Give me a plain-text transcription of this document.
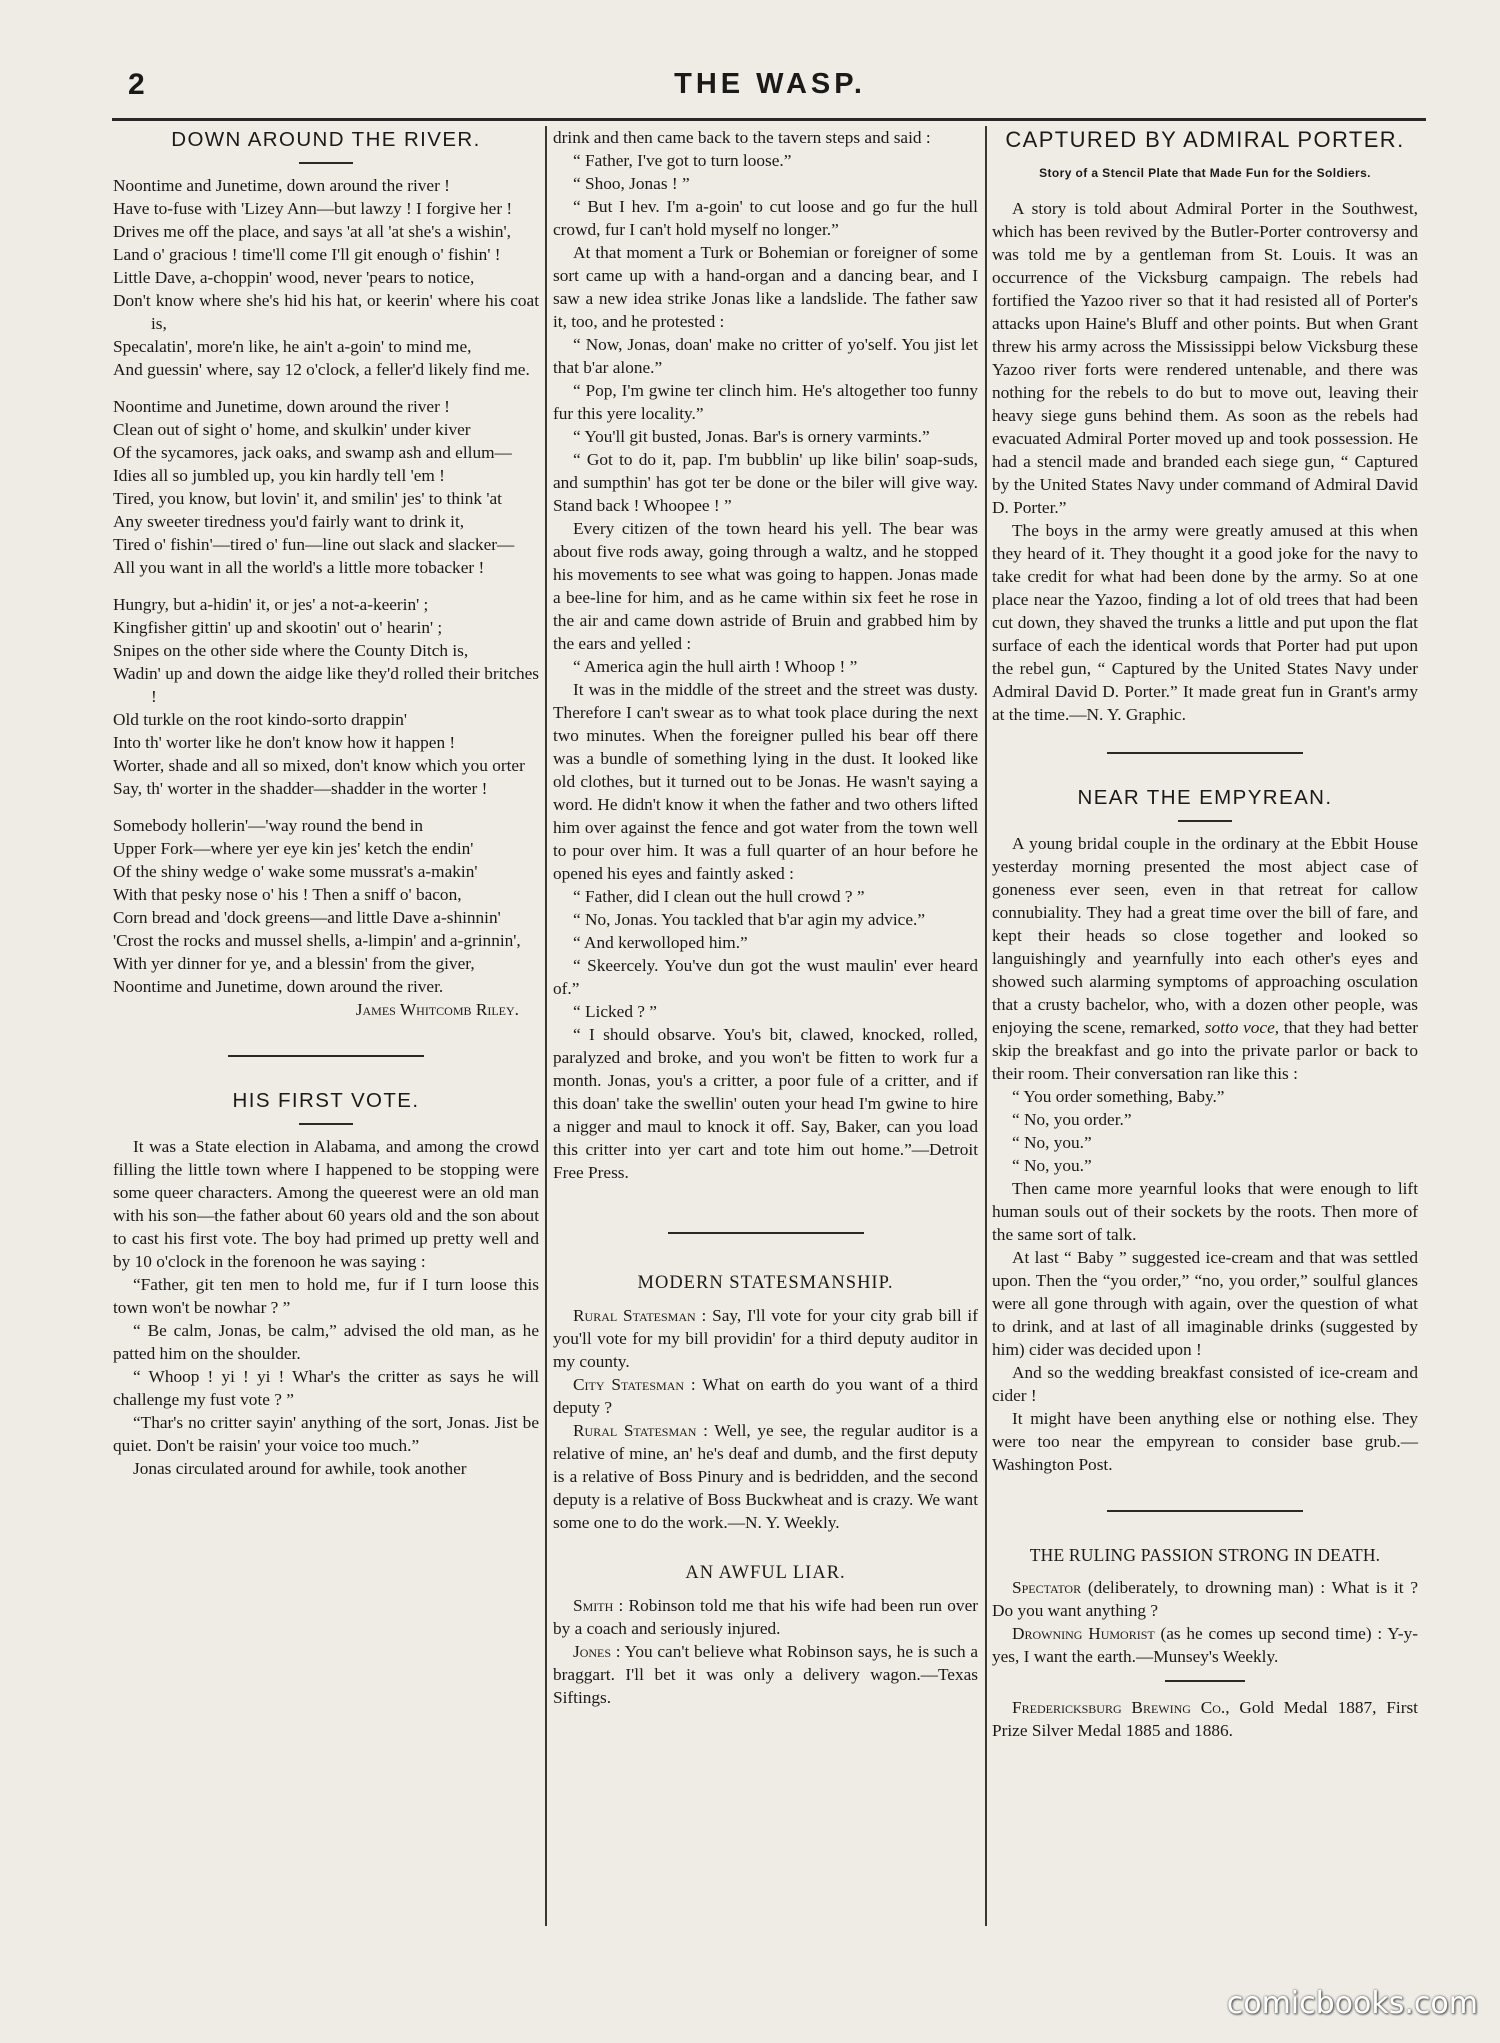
2	THE WASP.
DOWN AROUND THE RIVER.
Noontime and Junetime, down around the river !
Have to-fuse with 'Lizey Ann—but lawzy ! I forgive her !
Drives me off the place, and says 'at all 'at she's a wishin',
Land o' gracious ! time'll come I'll git enough o' fishin' !
Little Dave, a-choppin' wood, never 'pears to notice,
Don't know where she's hid his hat, or keerin' where his coat is,
Specalatin', more'n like, he ain't a-goin' to mind me,
And guessin' where, say 12 o'clock, a feller'd likely find me.
Noontime and Junetime, down around the river !
Clean out of sight o' home, and skulkin' under kiver
Of the sycamores, jack oaks, and swamp ash and ellum—
Idies all so jumbled up, you kin hardly tell 'em !
Tired, you know, but lovin' it, and smilin' jes' to think 'at
Any sweeter tiredness you'd fairly want to drink it,
Tired o' fishin'—tired o' fun—line out slack and slacker—
All you want in all the world's a little more tobacker !
Hungry, but a-hidin' it, or jes' a not-a-keerin' ;
Kingfisher gittin' up and skootin' out o' hearin' ;
Snipes on the other side where the County Ditch is,
Wadin' up and down the aidge like they'd rolled their britches !
Old turkle on the root kindo-sorto drappin'
Into th' worter like he don't know how it happen !
Worter, shade and all so mixed, don't know which you orter
Say, th' worter in the shadder—shadder in the worter !
Somebody hollerin'—'way round the bend in
Upper Fork—where yer eye kin jes' ketch the endin'
Of the shiny wedge o' wake some mussrat's a-makin'
With that pesky nose o' his ! Then a sniff o' bacon,
Corn bread and 'dock greens—and little Dave a-shinnin'
'Crost the rocks and mussel shells, a-limpin' and a-grinnin',
With yer dinner for ye, and a blessin' from the giver,
Noontime and Junetime, down around the river.
James Whitcomb Riley.
HIS FIRST VOTE.

It was a State election in Alabama, and among the crowd filling the little town where I happened to be stopping were some queer characters. Among the queerest were an old man with his son—the father about 60 years old and the son about to cast his first vote. The boy had primed up pretty well and by 10 o'clock in the forenoon he was saying :

“Father, git ten men to hold me, fur if I turn loose this town won't be nowhar ? ”

“ Be calm, Jonas, be calm,” advised the old man, as he patted him on the shoulder.

“ Whoop ! yi ! yi ! Whar's the critter as says he will challenge my fust vote ? ”

“Thar's no critter sayin' anything of the sort, Jonas. Jist be quiet. Don't be raisin' your voice too much.”

Jonas circulated around for awhile, took another

drink and then came back to the tavern steps and said :

“ Father, I've got to turn loose.”

“ Shoo, Jonas ! ”

“ But I hev. I'm a-goin' to cut loose and go fur the hull crowd, fur I can't hold myself no longer.”

At that moment a Turk or Bohemian or foreigner of some sort came up with a hand-organ and a dancing bear, and I saw a new idea strike Jonas like a landslide. The father saw it, too, and he protested :

“ Now, Jonas, doan' make no critter of yo'self. You jist let that b'ar alone.”

“ Pop, I'm gwine ter clinch him. He's altogether too funny fur this yere locality.”

“ You'll git busted, Jonas. Bar's is ornery varmints.”

“ Got to do it, pap. I'm bubblin' up like bilin' soap-suds, and sumpthin' has got ter be done or the biler will give way. Stand back ! Whoopee ! ”

Every citizen of the town heard his yell. The bear was about five rods away, going through a waltz, and he stopped his movements to see what was going to happen. Jonas made a bee-line for him, and as he came within six feet he rose in the air and came down astride of Bruin and grabbed him by the ears and yelled :

“ America agin the hull airth ! Whoop ! ”

It was in the middle of the street and the street was dusty. Therefore I can't swear as to what took place during the next two minutes. When the foreigner pulled his bear off there was a bundle of something lying in the dust. It looked like old clothes, but it turned out to be Jonas. He wasn't saying a word. He didn't know it when the father and two others lifted him over against the fence and got water from the town well to pour over him. It was a full quarter of an hour before he opened his eyes and faintly asked :

“ Father, did I clean out the hull crowd ? ”

“ No, Jonas. You tackled that b'ar agin my advice.”

“ And kerwolloped him.”

“ Skeercely. You've dun got the wust maulin' ever heard of.”

“ Licked ? ”

“ I should obsarve. You's bit, clawed, knocked, rolled, paralyzed and broke, and you won't be fitten to work fur a month. Jonas, you's a critter, a poor fule of a critter, and if this doan' take the swellin' outen your head I'm gwine to hire a nigger and maul to knock it off. Say, Baker, can you load this critter into yer cart and tote him out home.”—Detroit Free Press.

MODERN STATESMANSHIP.

Rural Statesman : Say, I'll vote for your city grab bill if you'll vote for my bill providin' for a third deputy auditor in my county.

City Statesman : What on earth do you want of a third deputy ?

Rural Statesman : Well, ye see, the regular auditor is a relative of mine, an' he's deaf and dumb, and the first deputy is a relative of Boss Pinury and is bedridden, and the second deputy is a relative of Boss Buckwheat and is crazy. We want some one to do the work.—N. Y. Weekly.

AN AWFUL LIAR.

Smith : Robinson told me that his wife had been run over by a coach and seriously injured.

Jones : You can't believe what Robinson says, he is such a braggart. I'll bet it was only a delivery wagon.—Texas Siftings.

CAPTURED BY ADMIRAL PORTER.
Story of a Stencil Plate that Made Fun for the Soldiers.

A story is told about Admiral Porter in the Southwest, which has been revived by the Butler-Porter controversy and was told me by a gentleman from St. Louis. It was an occurrence of the Vicksburg campaign. The rebels had fortified the Yazoo river so that it had resisted all of Porter's attacks upon Haine's Bluff and other points. But when Grant threw his army across the Mississippi below Vicksburg these Yazoo river forts were rendered untenable, and there was nothing for the rebels to do but to move out, leaving their heavy siege guns behind them. As soon as the rebels had evacuated Admiral Porter moved up and took possession. He had a stencil made and branded each siege gun, “ Captured by the United States Navy under command of Admiral David D. Porter.”

The boys in the army were greatly amused at this when they heard of it. They thought it a good joke for the navy to take credit for what had been done by the army. So at one place near the Yazoo, finding a lot of old trees that had been cut down, they shaved the trunks a little and put upon the flat surface of each the identical words that Porter had put upon the rebel gun, “ Captured by the United States Navy under Admiral David D. Porter.” It made great fun in Grant's army at the time.—N. Y. Graphic.

NEAR THE EMPYREAN.

A young bridal couple in the ordinary at the Ebbit House yesterday morning presented the most abject case of goneness ever seen, even in that retreat for callow connubiality. They had a great time over the bill of fare, and kept their heads so close together and looked so languishingly and yearnfully into each other's eyes and showed such alarming symptoms of approaching osculation that a crusty bachelor, who, with a dozen other people, was enjoying the scene, remarked, sotto voce, that they had better skip the breakfast and go into the private parlor or back to their room. Their conversation ran like this :

“ You order something, Baby.”

“ No, you order.”

“ No, you.”

“ No, you.”

Then came more yearnful looks that were enough to lift human souls out of their sockets by the roots. Then more of the same sort of talk.

At last “ Baby ” suggested ice-cream and that was settled upon. Then the “you order,” “no, you order,” soulful glances were all gone through with again, over the question of what to drink, and at last of all imaginable drinks (suggested by him) cider was decided upon !

And so the wedding breakfast consisted of ice-cream and cider !

It might have been anything else or nothing else. They were too near the empyrean to consider base grub.—Washington Post.

THE RULING PASSION STRONG IN DEATH.

Spectator (deliberately, to drowning man) : What is it ? Do you want anything ?

Drowning Humorist (as he comes up second time) : Y-y-yes, I want the earth.—Munsey's Weekly.

Fredericksburg Brewing Co., Gold Medal 1887, First Prize Silver Medal 1885 and 1886.

comicbooks.com
